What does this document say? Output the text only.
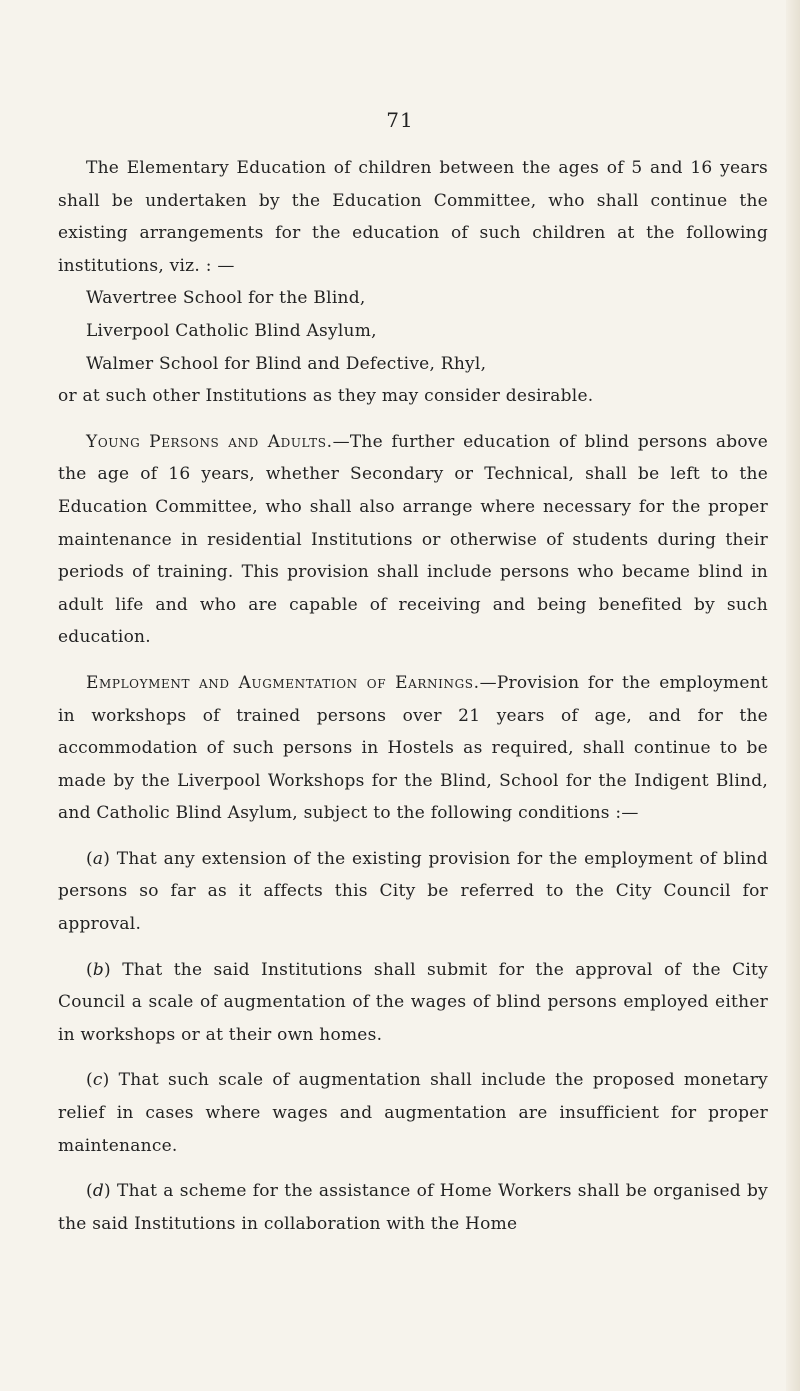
71

The Elementary Education of children between the ages of 5 and 16 years shall be undertaken by the Education Committee, who shall continue the existing arrangements for the education of such children at the following institutions, viz. : —

Wavertree School for the Blind,
Liverpool Catholic Blind Asylum,
Walmer School for Blind and Defective, Rhyl,

or at such other Institutions as they may consider desirable.

Young Persons and Adults.—The further education of blind persons above the age of 16 years, whether Secondary or Technical, shall be left to the Education Committee, who shall also arrange where necessary for the proper maintenance in residential Institutions or otherwise of students during their periods of training. This provision shall include persons who became blind in adult life and who are capable of receiving and being benefited by such education.

Employment and Augmentation of Earnings.—Provision for the employment in workshops of trained persons over 21 years of age, and for the accommodation of such persons in Hostels as required, shall continue to be made by the Liverpool Workshops for the Blind, School for the Indigent Blind, and Catholic Blind Asylum, subject to the following conditions :—

(a) That any extension of the existing provision for the employment of blind persons so far as it affects this City be referred to the City Council for approval.

(b) That the said Institutions shall submit for the approval of the City Council a scale of augmentation of the wages of blind persons employed either in workshops or at their own homes.

(c) That such scale of augmentation shall include the proposed monetary relief in cases where wages and augmentation are insufficient for proper maintenance.

(d) That a scheme for the assistance of Home Workers shall be organised by the said Institutions in collaboration with the Home
